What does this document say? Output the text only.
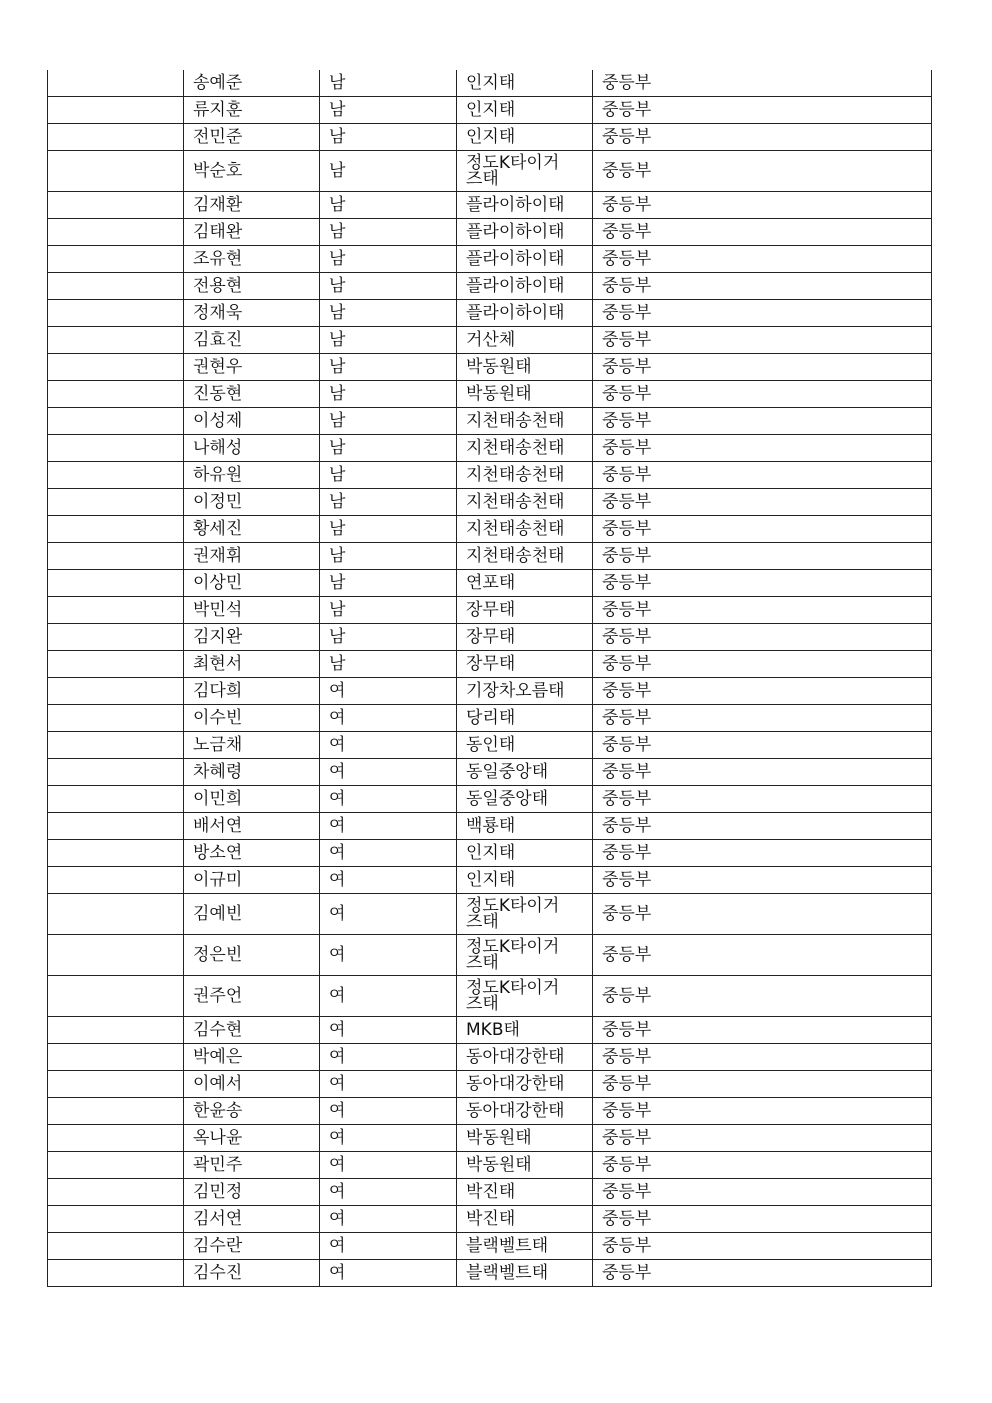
	송예준	남	인지태	중등부
	류지훈	남	인지태	중등부
	전민준	남	인지태	중등부
	박순호	남	정도K타이거즈태	중등부
	김재환	남	플라이하이태	중등부
	김태완	남	플라이하이태	중등부
	조유현	남	플라이하이태	중등부
	전용현	남	플라이하이태	중등부
	정재욱	남	플라이하이태	중등부
	김효진	남	거산체	중등부
	권현우	남	박동원태	중등부
	진동현	남	박동원태	중등부
	이성제	남	지천태송천태	중등부
	나해성	남	지천태송천태	중등부
	하유원	남	지천태송천태	중등부
	이정민	남	지천태송천태	중등부
	황세진	남	지천태송천태	중등부
	권재휘	남	지천태송천태	중등부
	이상민	남	연포태	중등부
	박민석	남	장무태	중등부
	김지완	남	장무태	중등부
	최현서	남	장무태	중등부
	김다희	여	기장차오름태	중등부
	이수빈	여	당리태	중등부
	노금채	여	동인태	중등부
	차혜령	여	동일중앙태	중등부
	이민희	여	동일중앙태	중등부
	배서연	여	백룡태	중등부
	방소연	여	인지태	중등부
	이규미	여	인지태	중등부
	김예빈	여	정도K타이거즈태	중등부
	정은빈	여	정도K타이거즈태	중등부
	권주언	여	정도K타이거즈태	중등부
	김수현	여	MKB태	중등부
	박예은	여	동아대강한태	중등부
	이예서	여	동아대강한태	중등부
	한윤송	여	동아대강한태	중등부
	옥나윤	여	박동원태	중등부
	곽민주	여	박동원태	중등부
	김민정	여	박진태	중등부
	김서연	여	박진태	중등부
	김수란	여	블랙벨트태	중등부
	김수진	여	블랙벨트태	중등부
